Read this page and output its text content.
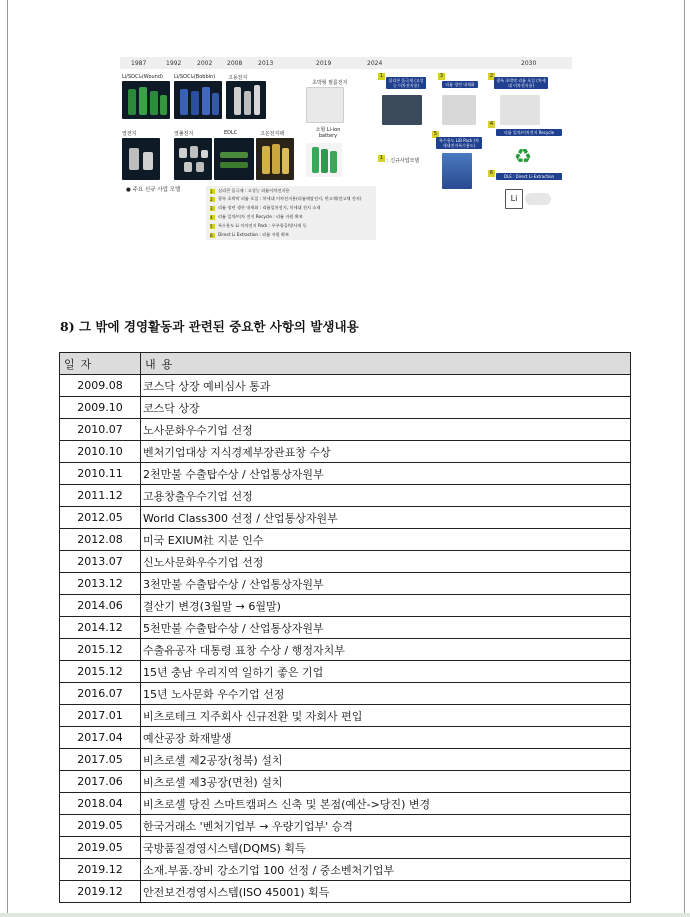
1987	1992	2002 2008	2013	2019	2024	2030
Li/SOCl₂(Wound) Li/SOCl₂(Bobbin)	고용전지
초박형 필름전지
열전지	열풀전지	EDLC	고온전지팩
소형 Li-ion battery
1
실리콘 음극재 (고성능 이차전지용)
3
리튬 정련 내재화
2
광폭 초박막 리튬 포일 (차세대 이차전지용)
5
특수용도 LiB Pack (차세대전지특수용도)
4
리튬 일차/이차전지 Recycle
♻
6
DLE : Direct Li-Extraction
Li
1 : 신규사업모델
● 주요 신규 사업 모델	1 실리콘 음극재 : 고성능 리튬이차전지용
2 광폭 초박막 리튬 포일 : 차세대 이차전지용(리튬메탈전지, 반고체/전고체 전지)
3 리튬 정련 생산 내재화 : 리튬일차전지, 차세대 전지 소재
4 리튬 일차/이차 전지 Recycle : 리튬 자원 확보
5 특수용도 Li 이차전지 Pack : 우주항공/방사제 등
6 Direct Li Extraction : 리튬 자원 확보
8) 그 밖에 경영활동과 관련된 중요한 사항의 발생내용
일자	내용
2009.08	코스닥 상장 예비심사 통과
2009.10	코스닥 상장
2010.07	노사문화우수기업 선정
2010.10	벤처기업대상 지식경제부장관표창 수상
2010.11	2천만불 수출탑수상 / 산업통상자원부
2011.12	고용창출우수기업 선정
2012.05	World Class300 선정 / 산업통상자원부
2012.08	미국 EXIUM社 지분 인수
2013.07	신노사문화우수기업 선정
2013.12	3천만불 수출탑수상 / 산업통상자원부
2014.06	결산기 변경(3월말 → 6월말)
2014.12	5천만불 수출탑수상 / 산업통상자원부
2015.12	수출유공자 대통령 표창 수상 / 행정자치부
2015.12	15년 충남 우리지역 일하기 좋은 기업
2016.07	15년 노사문화 우수기업 선정
2017.01	비츠로테크 지주회사 신규전환 및 자회사 편입
2017.04	예산공장 화재발생
2017.05	비츠로셀 제2공장(청북) 설치
2017.06	비츠로셀 제3공장(면천) 설치
2018.04	비츠로셀 당진 스마트캠퍼스 신축 및 본점(예산->당진) 변경
2019.05	한국거래소 '벤처기업부 → 우량기업부' 승격
2019.05	국방품질경영시스템(DQMS) 획득
2019.12	소재.부품.장비 강소기업 100 선정 / 중소벤처기업부
2019.12	안전보건경영시스템(ISO 45001) 획득
